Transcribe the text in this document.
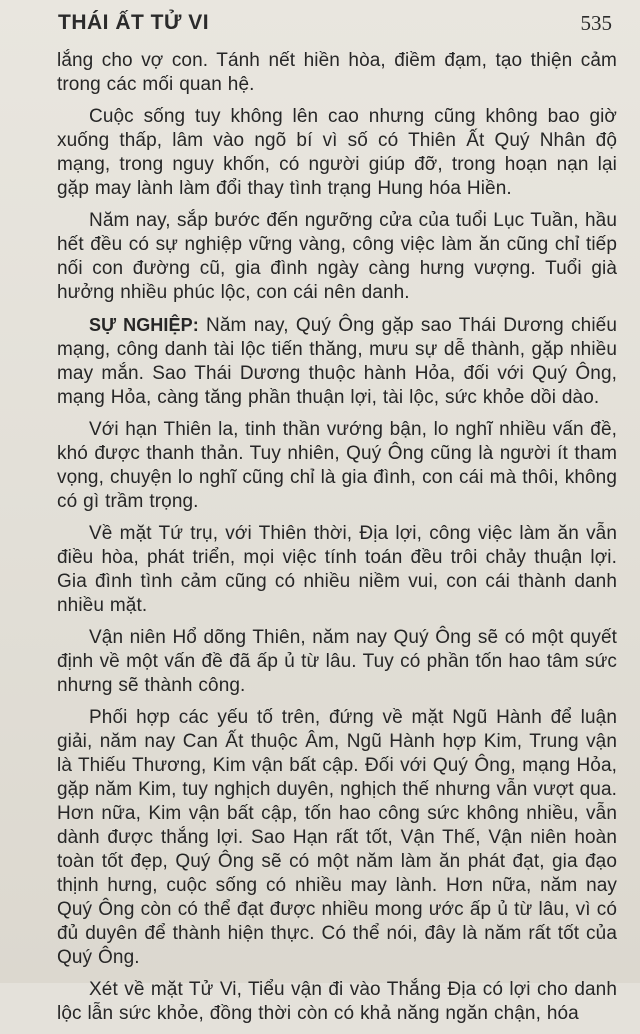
THÁI ẤT TỬ VI	535

lắng cho vợ con. Tánh nết hiền hòa, điềm đạm, tạo thiện cảm trong các mối quan hệ.

Cuộc sống tuy không lên cao nhưng cũng không bao giờ xuống thấp, lâm vào ngõ bí vì số có Thiên Ất Quý Nhân độ mạng, trong nguy khốn, có người giúp đỡ, trong hoạn nạn lại gặp may lành làm đổi thay tình trạng Hung hóa Hiền.

Năm nay, sắp bước đến ngưỡng cửa của tuổi Lục Tuần, hầu hết đều có sự nghiệp vững vàng, công việc làm ăn cũng chỉ tiếp nối con đường cũ, gia đình ngày càng hưng vượng. Tuổi già hưởng nhiều phúc lộc, con cái nên danh.

SỰ NGHIỆP: Năm nay, Quý Ông gặp sao Thái Dương chiếu mạng, công danh tài lộc tiến thăng, mưu sự dễ thành, gặp nhiều may mắn. Sao Thái Dương thuộc hành Hỏa, đối với Quý Ông, mạng Hỏa, càng tăng phần thuận lợi, tài lộc, sức khỏe dồi dào.

Với hạn Thiên la, tinh thần vướng bận, lo nghĩ nhiều vấn đề, khó được thanh thản. Tuy nhiên, Quý Ông cũng là người ít tham vọng, chuyện lo nghĩ cũng chỉ là gia đình, con cái mà thôi, không có gì trầm trọng.

Về mặt Tứ trụ, với Thiên thời, Địa lợi, công việc làm ăn vẫn điều hòa, phát triển, mọi việc tính toán đều trôi chảy thuận lợi. Gia đình tình cảm cũng có nhiều niềm vui, con cái thành danh nhiều mặt.

Vận niên Hổ dõng Thiên, năm nay Quý Ông sẽ có một quyết định về một vấn đề đã ấp ủ từ lâu. Tuy có phần tốn hao tâm sức nhưng sẽ thành công.

Phối hợp các yếu tố trên, đứng về mặt Ngũ Hành để luận giải, năm nay Can Ất thuộc Âm, Ngũ Hành hợp Kim, Trung vận là Thiếu Thương, Kim vận bất cập. Đối với Quý Ông, mạng Hỏa, gặp năm Kim, tuy nghịch duyên, nghịch thế nhưng vẫn vượt qua. Hơn nữa, Kim vận bất cập, tốn hao công sức không nhiều, vẫn dành được thắng lợi. Sao Hạn rất tốt, Vận Thế, Vận niên hoàn toàn tốt đẹp, Quý Ông sẽ có một năm làm ăn phát đạt, gia đạo thịnh hưng, cuộc sống có nhiều may lành. Hơn nữa, năm nay Quý Ông còn có thể đạt được nhiều mong ước ấp ủ từ lâu, vì có đủ duyên để thành hiện thực. Có thể nói, đây là năm rất tốt của Quý Ông.

Xét về mặt Tử Vi, Tiểu vận đi vào Thắng Địa có lợi cho danh lộc lẫn sức khỏe, đồng thời còn có khả năng ngăn chận, hóa
